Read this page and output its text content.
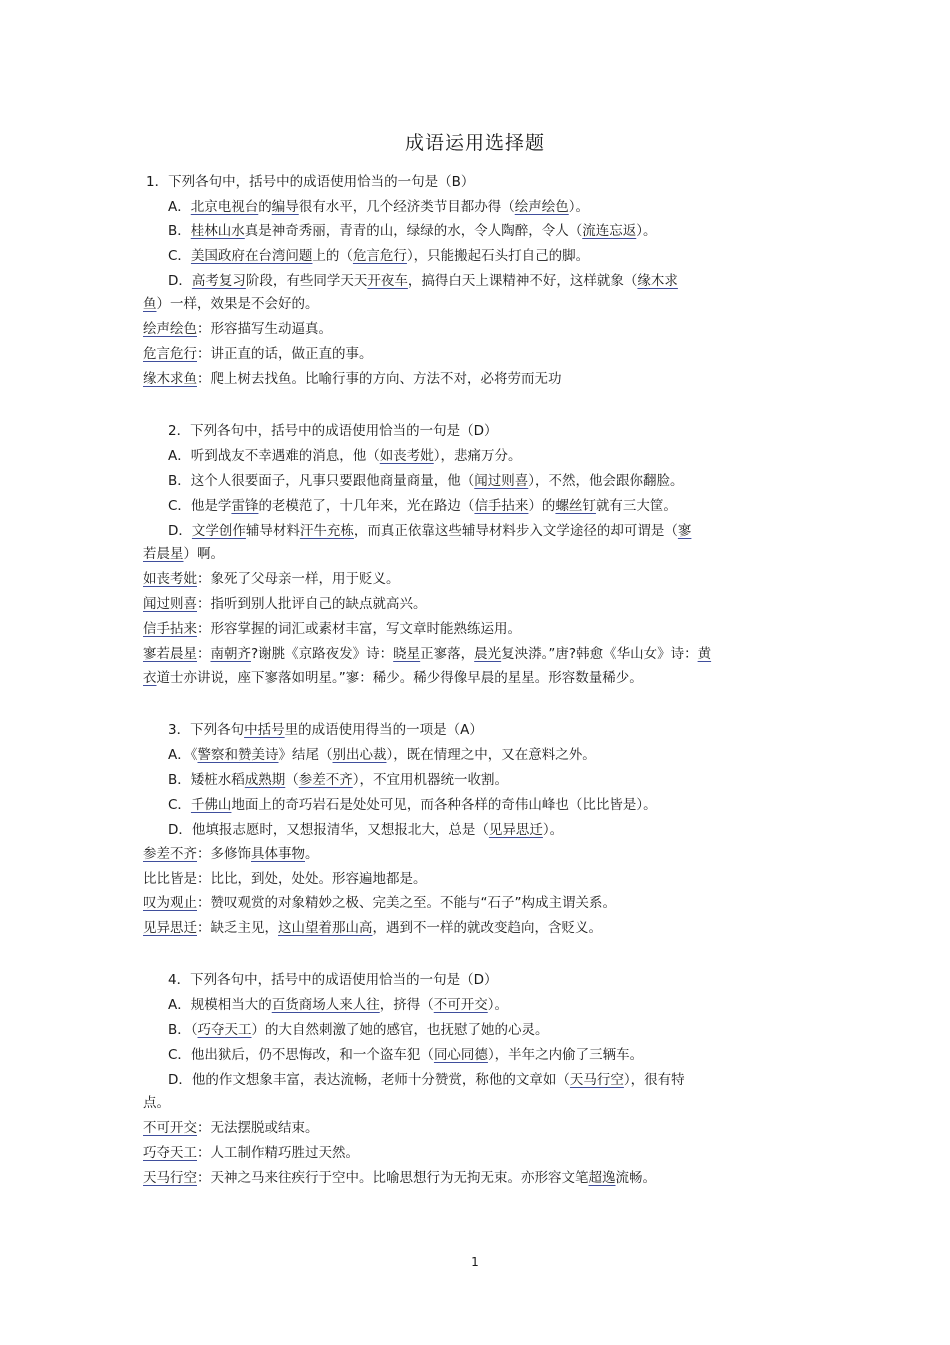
成语运用选择题
1．下列各句中，括号中的成语使用恰当的一句是（B）
A．北京电视台的编导很有水平，几个经济类节目都办得（绘声绘色）。
B．桂林山水真是神奇秀丽，青青的山，绿绿的水，令人陶醉，令人（流连忘返）。
C．美国政府在台湾问题上的（危言危行），只能搬起石头打自己的脚。
D．高考复习阶段，有些同学天天开夜车，搞得白天上课精神不好，这样就象（缘木求
鱼）一样，效果是不会好的。
绘声绘色：形容描写生动逼真。
危言危行：讲正直的话，做正直的事。
缘木求鱼：爬上树去找鱼。比喻行事的方向、方法不对，必将劳而无功
2．下列各句中，括号中的成语使用恰当的一句是（D）
A．听到战友不幸遇难的消息，他（如丧考妣），悲痛万分。
B．这个人很要面子，凡事只要跟他商量商量，他（闻过则喜），不然，他会跟你翻脸。
C．他是学雷锋的老模范了，十几年来，光在路边（信手拈来）的螺丝钉就有三大筐。
D．文学创作辅导材料汗牛充栋，而真正依靠这些辅导材料步入文学途径的却可谓是（寥
若晨星）啊。
如丧考妣：象死了父母亲一样，用于贬义。
闻过则喜：指听到别人批评自己的缺点就高兴。
信手拈来：形容掌握的词汇或素材丰富，写文章时能熟练运用。
寥若晨星：南朝齐?谢朓《京路夜发》诗：晓星正寥落，晨光复泱漭。”唐?韩愈《华山女》诗：黄
衣道士亦讲说，座下寥落如明星。”寥：稀少。稀少得像早晨的星星。形容数量稀少。
3．下列各句中括号里的成语使用得当的一项是（A）
A．《警察和赞美诗》结尾（别出心裁），既在情理之中，又在意料之外。
B．矮桩水稻成熟期（参差不齐），不宜用机器统一收割。
C．千佛山地面上的奇巧岩石是处处可见，而各种各样的奇伟山峰也（比比皆是）。
D．他填报志愿时，又想报清华，又想报北大，总是（见异思迁）。
参差不齐：多修饰具体事物。
比比皆是：比比，到处，处处。形容遍地都是。
叹为观止：赞叹观赏的对象精妙之极、完美之至。不能与“石子”构成主谓关系。
见异思迁：缺乏主见，这山望着那山高，遇到不一样的就改变趋向，含贬义。
4．下列各句中，括号中的成语使用恰当的一句是（D）
A．规模相当大的百货商场人来人往，挤得（不可开交）。
B．（巧夺天工）的大自然刺激了她的感官，也抚慰了她的心灵。
C．他出狱后，仍不思悔改，和一个盗车犯（同心同德），半年之内偷了三辆车。
D．他的作文想象丰富，表达流畅，老师十分赞赏，称他的文章如（天马行空），很有特
点。
不可开交：无法摆脱或结束。
巧夺天工：人工制作精巧胜过天然。
天马行空：天神之马来往疾行于空中。比喻思想行为无拘无束。亦形容文笔超逸流畅。
1
